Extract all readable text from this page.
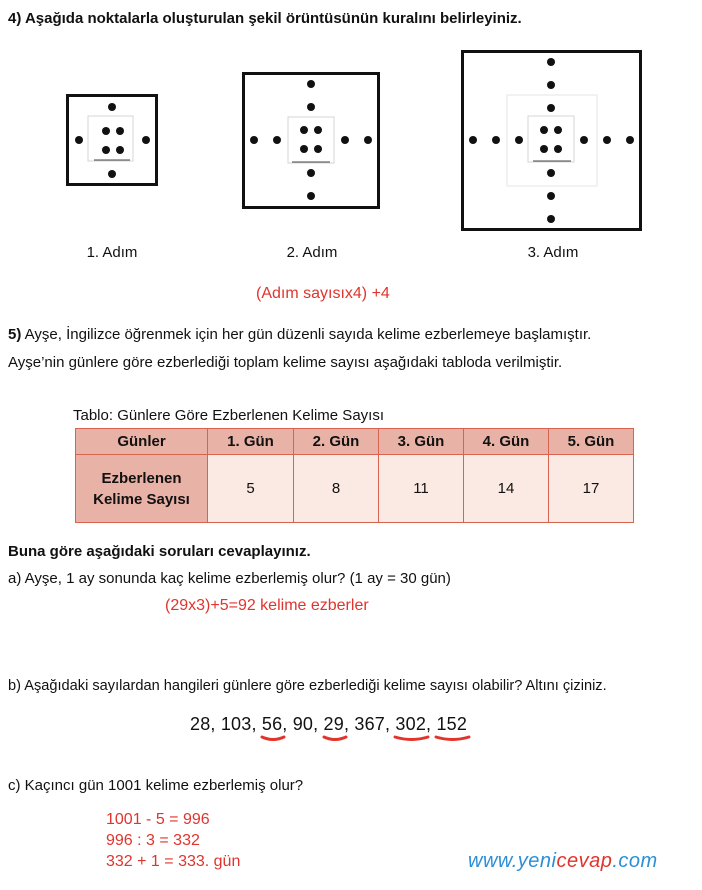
4) Aşağıda noktalarla oluşturulan şekil örüntüsünün kuralını belirleyiniz.
1. Adım	2. Adım	3. Adım
(Adım sayısıx4) +4
5) Ayşe, İngilizce öğrenmek için her gün düzenli sayıda kelime ezberlemeye başlamıştır.
Ayşe’nin günlere göre ezberlediği toplam kelime sayısı aşağıdaki tabloda verilmiştir.
Tablo: Günlere Göre Ezberlenen Kelime Sayısı
Günler	1. Gün	2. Gün	3. Gün	4. Gün	5. Gün
Ezberlenen
Kelime Sayısı	5	8	11	14	17
Buna göre aşağıdaki soruları cevaplayınız.
a) Ayşe, 1 ay sonunda kaç kelime ezberlemiş olur? (1 ay = 30 gün)
(29x3)+5=92 kelime ezberler
b) Aşağıdaki sayılardan hangileri günlere göre ezberlediği kelime sayısı olabilir? Altını çiziniz.
28, 103, 56
, 90, 29
, 367, 302
, 152
c) Kaçıncı gün 1001 kelime ezberlemiş olur?
1001 - 5 = 996
996 : 3 = 332
332 + 1 = 333. gün	www.yenicevap.com
